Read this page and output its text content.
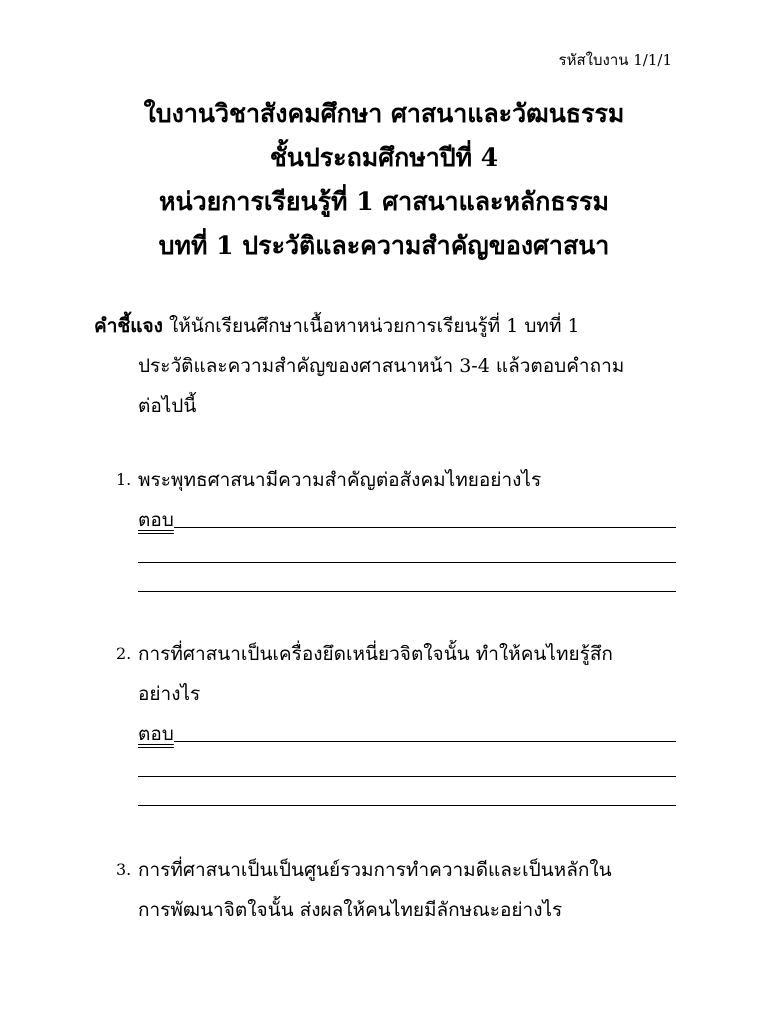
รหัสใบงาน 1/1/1
ใบงานวิชาสังคมศึกษา ศาสนาและวัฒนธรรม
ชั้นประถมศึกษาปีที่ 4
หน่วยการเรียนรู้ที่ 1 ศาสนาและหลักธรรม
บทที่ 1 ประวัติและความสำคัญของศาสนา
คำชี้แจง ให้นักเรียนศึกษาเนื้อหาหน่วยการเรียนรู้ที่ 1 บทที่ 1
ประวัติและความสำคัญของศาสนาหน้า 3-4 แล้วตอบคำถาม
ต่อไปนี้
1. พระพุทธศาสนามีความสำคัญต่อสังคมไทยอย่างไร
ตอบ
2. การที่ศาสนาเป็นเครื่องยึดเหนี่ยวจิตใจนั้น ทำให้คนไทยรู้สึก
อย่างไร
ตอบ
3. การที่ศาสนาเป็นเป็นศูนย์รวมการทำความดีและเป็นหลักใน
การพัฒนาจิตใจนั้น ส่งผลให้คนไทยมีลักษณะอย่างไร
